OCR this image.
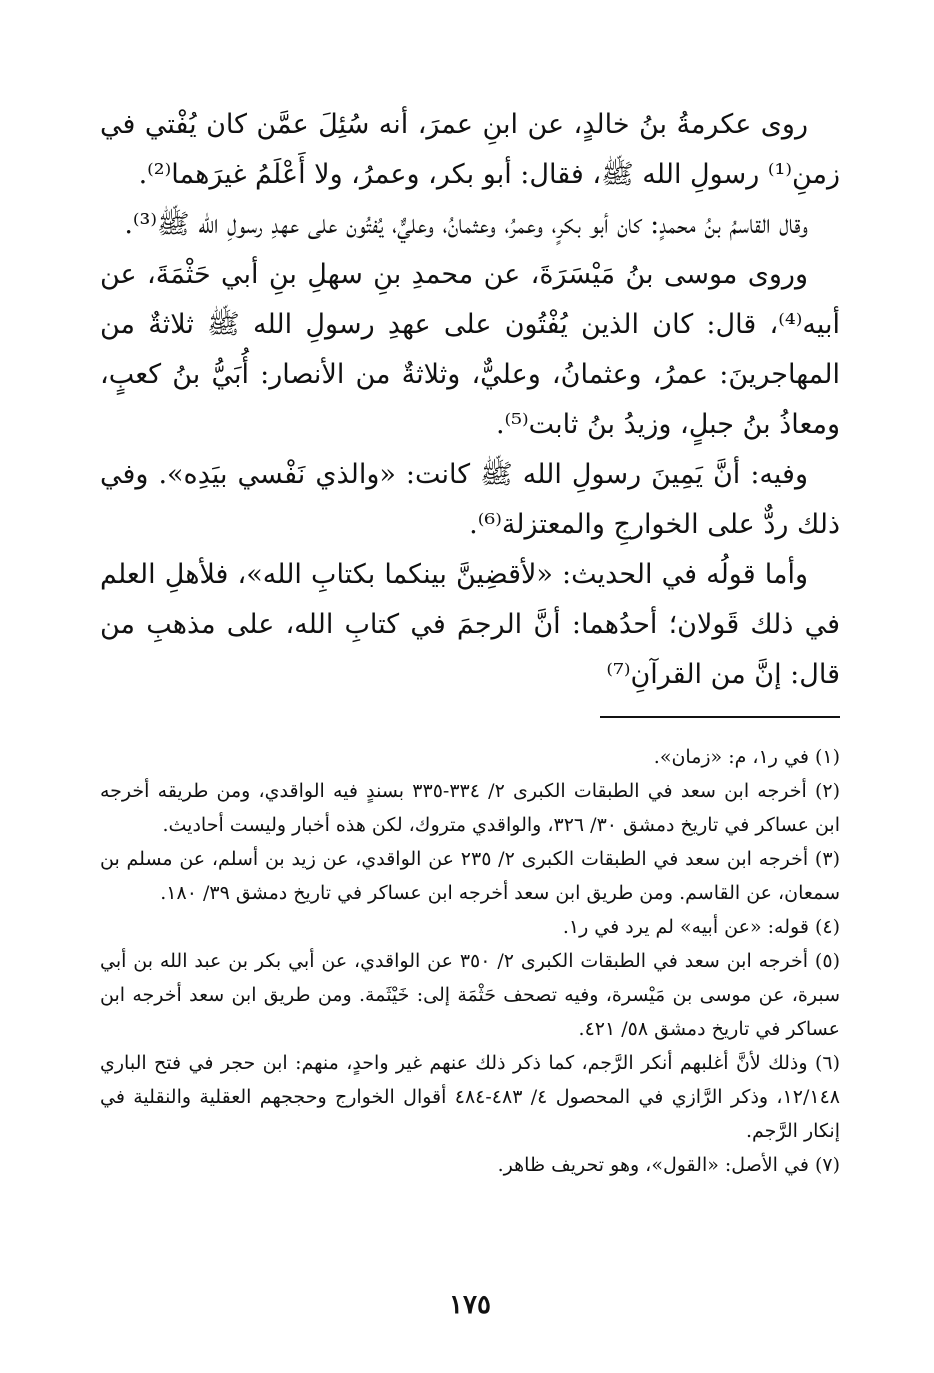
روى عكرمةُ بنُ خالدٍ، عن ابنِ عمرَ، أنه سُئِلَ عمَّن كان يُفْتي في زمنِ⁽¹⁾ رسولِ الله ﷺ، فقال: أبو بكر، وعمرُ، ولا أَعْلَمُ غيرَهما⁽²⁾.

وقال القاسمُ بنُ محمدٍ: كان أبو بكرٍ، وعمرُ، وعثمانُ، وعليٌّ، يُفتُون على عهدِ رسولِ الله ﷺ⁽³⁾.

وروى موسى بنُ مَيْسَرَةَ، عن محمدِ بنِ سهلِ بنِ أبي حَثْمَةَ، عن أبيه⁽⁴⁾، قال: كان الذين يُفْتُون على عهدِ رسولِ الله ﷺ ثلاثةٌ من المهاجرينَ: عمرُ، وعثمانُ، وعليٌّ، وثلاثةٌ من الأنصار: أُبَيُّ بنُ كعبٍ، ومعاذُ بنُ جبلٍ، وزيدُ بنُ ثابت⁽⁵⁾.

وفيه: أنَّ يَمِينَ رسولِ الله ﷺ كانت: «والذي نَفْسي بيَدِه». وفي ذلك ردٌّ على الخوارجِ والمعتزلة⁽⁶⁾.

وأما قولُه في الحديث: «لأقضِينَّ بينكما بكتابِ الله»، فلأهلِ العلم في ذلك قَولان؛ أحدُهما: أنَّ الرجمَ في كتابِ الله، على مذهبِ من قال: إنَّ من القرآنِ⁽⁷⁾

(١) في ر١، م: «زمان».

(٢) أخرجه ابن سعد في الطبقات الكبرى ٢/ ٣٣٤-٣٣٥ بسندٍ فيه الواقدي، ومن طريقه أخرجه ابن عساكر في تاريخ دمشق ٣٠/ ٣٢٦، والواقدي متروك، لكن هذه أخبار وليست أحاديث.

(٣) أخرجه ابن سعد في الطبقات الكبرى ٢/ ٢٣٥ عن الواقدي، عن زيد بن أسلم، عن مسلم بن سمعان، عن القاسم. ومن طريق ابن سعد أخرجه ابن عساكر في تاريخ دمشق ٣٩/ ١٨٠.

(٤) قوله: «عن أبيه» لم يرد في ر١.

(٥) أخرجه ابن سعد في الطبقات الكبرى ٢/ ٣٥٠ عن الواقدي، عن أبي بكر بن عبد الله بن أبي سبرة، عن موسى بن مَيْسرة، وفيه تصحف حَثْمَة إلى: خَيْثَمة. ومن طريق ابن سعد أخرجه ابن عساكر في تاريخ دمشق ٥٨/ ٤٢١.

(٦) وذلك لأنَّ أغلبهم أنكر الرَّجم، كما ذكر ذلك عنهم غير واحدٍ، منهم: ابن حجر في فتح الباري ١٢/١٤٨، وذكر الرَّازي في المحصول ٤/ ٤٨٣-٤٨٤ أقوال الخوارج وحججهم العقلية والنقلية في إنكار الرَّجم.

(٧) في الأصل: «القول»، وهو تحريف ظاهر.

١٧٥
